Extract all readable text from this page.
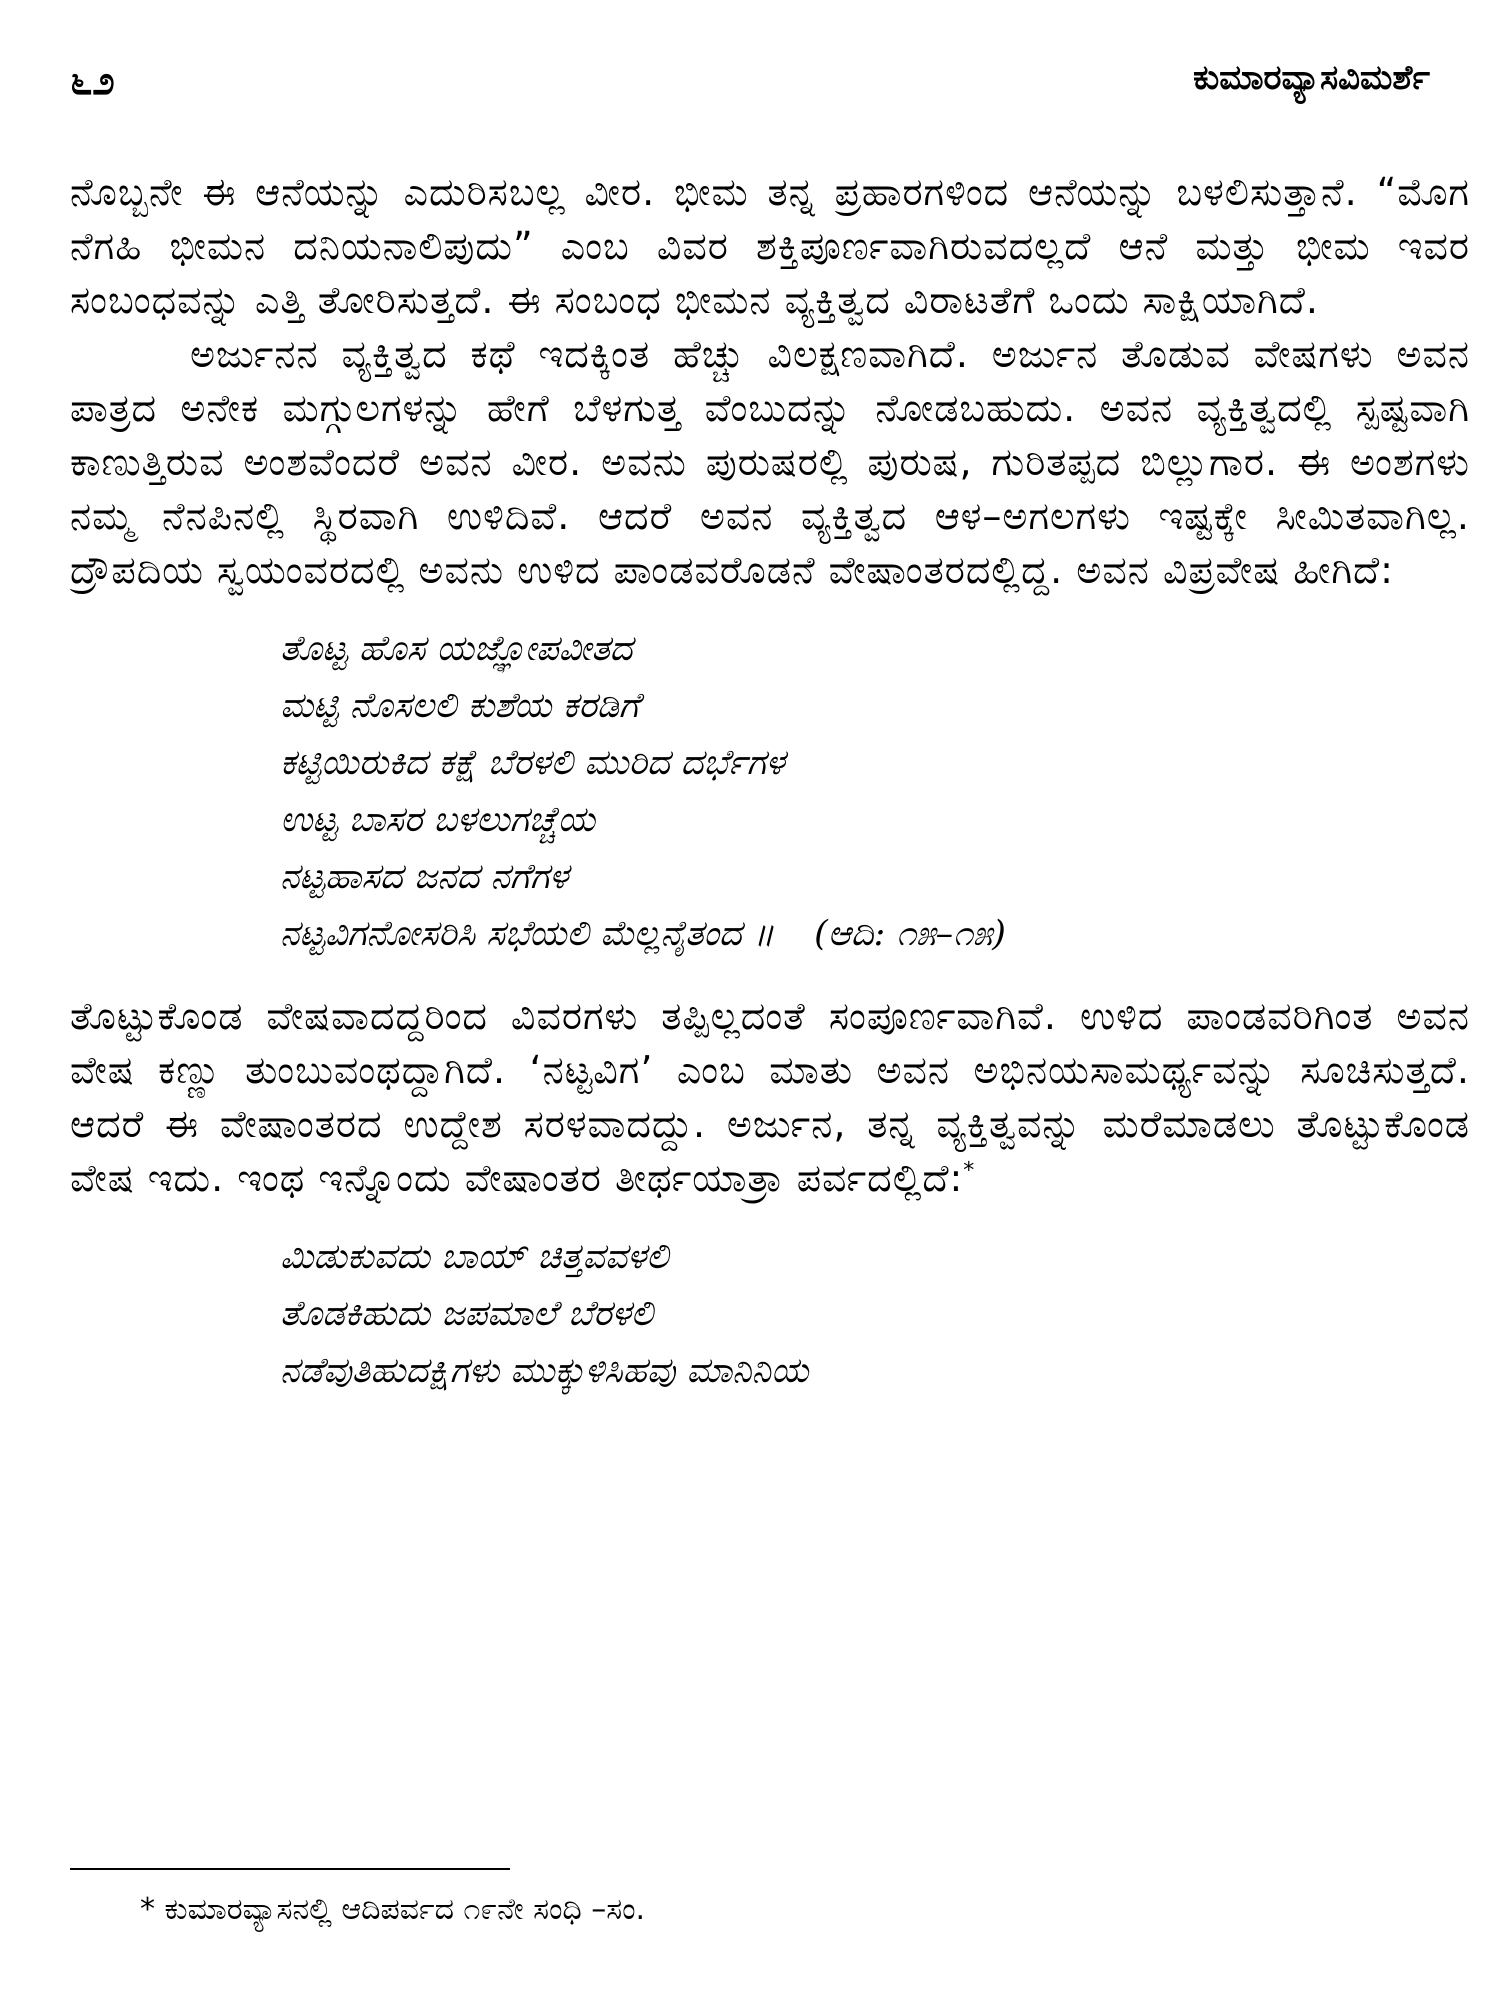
೬೨	ಕುಮಾರವ್ಯಾಸವಿಮರ್ಶೆ

ನೊಬ್ಬನೇ ಈ ಆನೆಯನ್ನು ಎದುರಿಸಬಲ್ಲ ವೀರ. ಭೀಮ ತನ್ನ ಪ್ರಹಾರಗಳಿಂದ ಆನೆಯನ್ನು ಬಳಲಿಸುತ್ತಾನೆ. “ಮೊಗ ನೆಗಹಿ ಭೀಮನ ದನಿಯನಾಲಿಪುದು” ಎಂಬ ವಿವರ ಶಕ್ತಿಪೂರ್ಣವಾಗಿರುವದಲ್ಲದೆ ಆನೆ ಮತ್ತು ಭೀಮ ಇವರ ಸಂಬಂಧವನ್ನು ಎತ್ತಿ ತೋರಿಸುತ್ತದೆ. ಈ ಸಂಬಂಧ ಭೀಮನ ವ್ಯಕ್ತಿತ್ವದ ವಿರಾಟತೆಗೆ ಒಂದು ಸಾಕ್ಷಿಯಾಗಿದೆ.

ಅರ್ಜುನನ ವ್ಯಕ್ತಿತ್ವದ ಕಥೆ ಇದಕ್ಕಿಂತ ಹೆಚ್ಚು ವಿಲಕ್ಷಣವಾಗಿದೆ. ಅರ್ಜುನ ತೊಡುವ ವೇಷಗಳು ಅವನ ಪಾತ್ರದ ಅನೇಕ ಮಗ್ಗುಲಗಳನ್ನು ಹೇಗೆ ಬೆಳಗುತ್ತ ವೆಂಬುದನ್ನು ನೋಡಬಹುದು. ಅವನ ವ್ಯಕ್ತಿತ್ವದಲ್ಲಿ ಸ್ಪಷ್ಟವಾಗಿ ಕಾಣುತ್ತಿರುವ ಅಂಶವೆಂದರೆ ಅವನ ವೀರ. ಅವನು ಪುರುಷರಲ್ಲಿ ಪುರುಷ, ಗುರಿತಪ್ಪದ ಬಿಲ್ಲುಗಾರ. ಈ ಅಂಶಗಳು ನಮ್ಮ ನೆನಪಿನಲ್ಲಿ ಸ್ಥಿರವಾಗಿ ಉಳಿದಿವೆ. ಆದರೆ ಅವನ ವ್ಯಕ್ತಿತ್ವದ ಆಳ–ಅಗಲಗಳು ಇಷ್ಟಕ್ಕೇ ಸೀಮಿತವಾಗಿಲ್ಲ. ದ್ರೌಪದಿಯ ಸ್ವಯಂವರದಲ್ಲಿ ಅವನು ಉಳಿದ ಪಾಂಡವರೊಡನೆ ವೇಷಾಂತರದಲ್ಲಿದ್ದ. ಅವನ ವಿಪ್ರವೇಷ ಹೀಗಿದೆ:

ತೊಟ್ಟ ಹೊಸ ಯಜ್ಞೋಪವೀತದ
ಮಟ್ಟಿ ನೊಸಲಲಿ ಕುಶೆಯ ಕರಡಿಗೆ
ಕಟ್ಟಿಯಿರುಕಿದ ಕಕ್ಷೆ ಬೆರಳಲಿ ಮುರಿದ ದರ್ಭೆಗಳ
ಉಟ್ಟ ಬಾಸರ ಬಳಲುಗಚ್ಚೆಯ
ನಟ್ಟಹಾಸದ ಜನದ ನಗೆಗಳ
ನಟ್ಟವಿಗನೋಸರಿಸಿ ಸಭೆಯಲಿ ಮೆಲ್ಲನೈತಂದ ॥ (ಆದಿ: ೧೫–೧೫)

ತೊಟ್ಟುಕೊಂಡ ವೇಷವಾದದ್ದರಿಂದ ವಿವರಗಳು ತಪ್ಪಿಲ್ಲದಂತೆ ಸಂಪೂರ್ಣವಾಗಿವೆ. ಉಳಿದ ಪಾಂಡವರಿಗಿಂತ ಅವನ ವೇಷ ಕಣ್ಣು ತುಂಬುವಂಥದ್ದಾಗಿದೆ. ‘ನಟ್ಟವಿಗ’ ಎಂಬ ಮಾತು ಅವನ ಅಭಿನಯಸಾಮರ್ಥ್ಯವನ್ನು ಸೂಚಿಸುತ್ತದೆ. ಆದರೆ ಈ ವೇಷಾಂತರದ ಉದ್ದೇಶ ಸರಳವಾದದ್ದು. ಅರ್ಜುನ, ತನ್ನ ವ್ಯಕ್ತಿತ್ವವನ್ನು ಮರೆಮಾಡಲು ತೊಟ್ಟುಕೊಂಡ ವೇಷ ಇದು. ಇಂಥ ಇನ್ನೊಂದು ವೇಷಾಂತರ ತೀರ್ಥಯಾತ್ರಾ ಪರ್ವದಲ್ಲಿದೆ:*

ಮಿಡುಕುವದು ಬಾಯ್ ಚಿತ್ತವವಳಲಿ
ತೊಡಕಿಹುದು ಜಪಮಾಲೆ ಬೆರಳಲಿ
ನಡೆವುತಿಹುದಕ್ಷಿಗಳು ಮುಕ್ಕುಳಿಸಿಹವು ಮಾನಿನಿಯ
* ಕುಮಾರವ್ಯಾಸನಲ್ಲಿ ಆದಿಪರ್ವದ ೧೯ನೇ ಸಂಧಿ –ಸಂ.
